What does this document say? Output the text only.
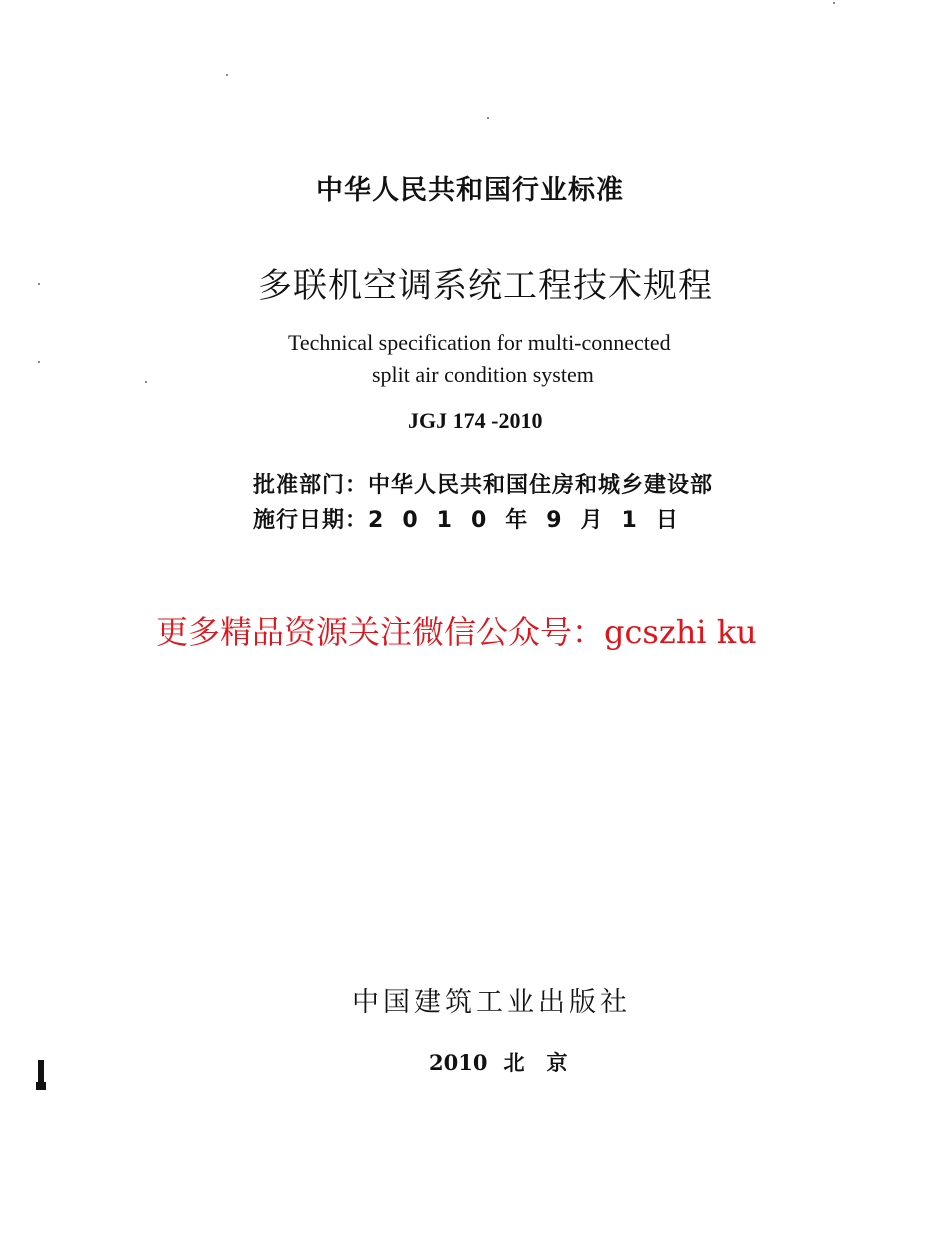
中华人民共和国行业标准
多联机空调系统工程技术规程
Technical specification for multi-connected
split air condition system
JGJ 174 -2010
批准部门：中华人民共和国住房和城乡建设部
施行日期：2010年9月1日
更多精品资源关注微信公众号：gcszhi ku
中国建筑工业出版社
2010 北京
